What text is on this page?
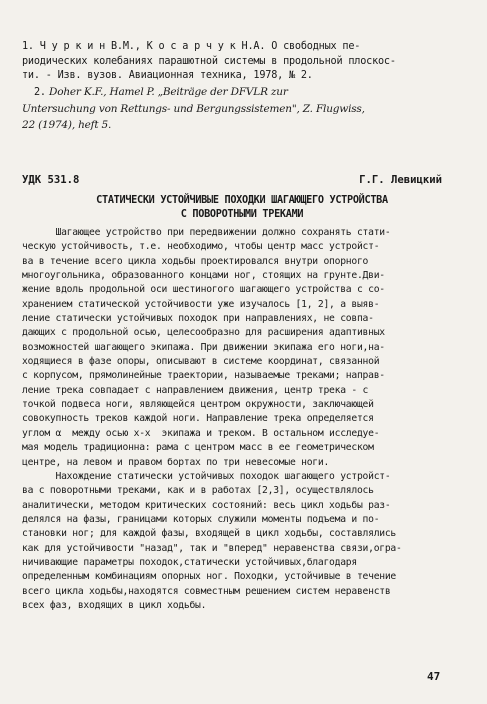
1. Ч у р к и н В.М., К о с а р ч у к Н.А. О свободных пе-
риодических колебаниях парашютной системы в продольной плоскос-
ти. - Изв. вузов. Авиационная техника, 1978, № 2.

2. Doher K.F., Hamel P. „Beiträge der DFVLR zur
Untersuchung von Rettungs- und Bergungssistemen", Z. Flugwiss,
22 (1974), heft 5.

УДК 531.8	Г.Г. Левицкий
СТАТИЧЕСКИ УСТОЙЧИВЫЕ ПОХОДКИ ШАГАЮЩЕГО УСТРОЙСТВА
С ПОВОРОТНЫМИ ТРЕКАМИ
Шагающее устройство при передвижении должно сохранять стати-
ческую устойчивость, т.е. необходимо, чтобы центр масс устройст-
ва в течение всего цикла ходьбы проектировался внутри опорного
многоугольника, образованного концами ног, стоящих на грунте.Дви-
жение вдоль продольной оси шестиногого шагающего устройства с со-
хранением статической устойчивости уже изучалось [1, 2], а выяв-
ление статически устойчивых походок при направлениях, не совпа-
дающих с продольной осью, целесообразно для расширения адаптивных
возможностей шагающего экипажа. При движении экипажа его ноги,на-
ходящиеся в фазе опоры, описывают в системе координат, связанной
с корпусом, прямолинейные траектории, называемые треками; направ-
ление трека совпадает с направлением движения, центр трека - с
точкой подвеса ноги, являющейся центром окружности, заключающей
совокупность треков каждой ноги. Направление трека определяется
углом α  между осью x-x  экипажа и треком. В остальном исследуе-
мая модель традиционна: рама с центром масс в ее геометрическом
центре, на левом и правом бортах по три невесомые ноги.
Нахождение статически устойчивых походок шагающего устройст-
ва с поворотными треками, как и в работах [2,3], осуществлялось
аналитически, методом критических состояний: весь цикл ходьбы раз-
делялся на фазы, границами которых служили моменты подъема и по-
становки ног; для каждой фазы, входящей в цикл ходьбы, составлялись
как для устойчивости "назад", так и "вперед" неравенства связи,огра-
ничивающие параметры походок,статически устойчивых,благодаря
определенным комбинациям опорных ног. Походки, устойчивые в течение
всего цикла ходьбы,находятся совместным решением систем неравенств
всех фаз, входящих в цикл ходьбы.
47
